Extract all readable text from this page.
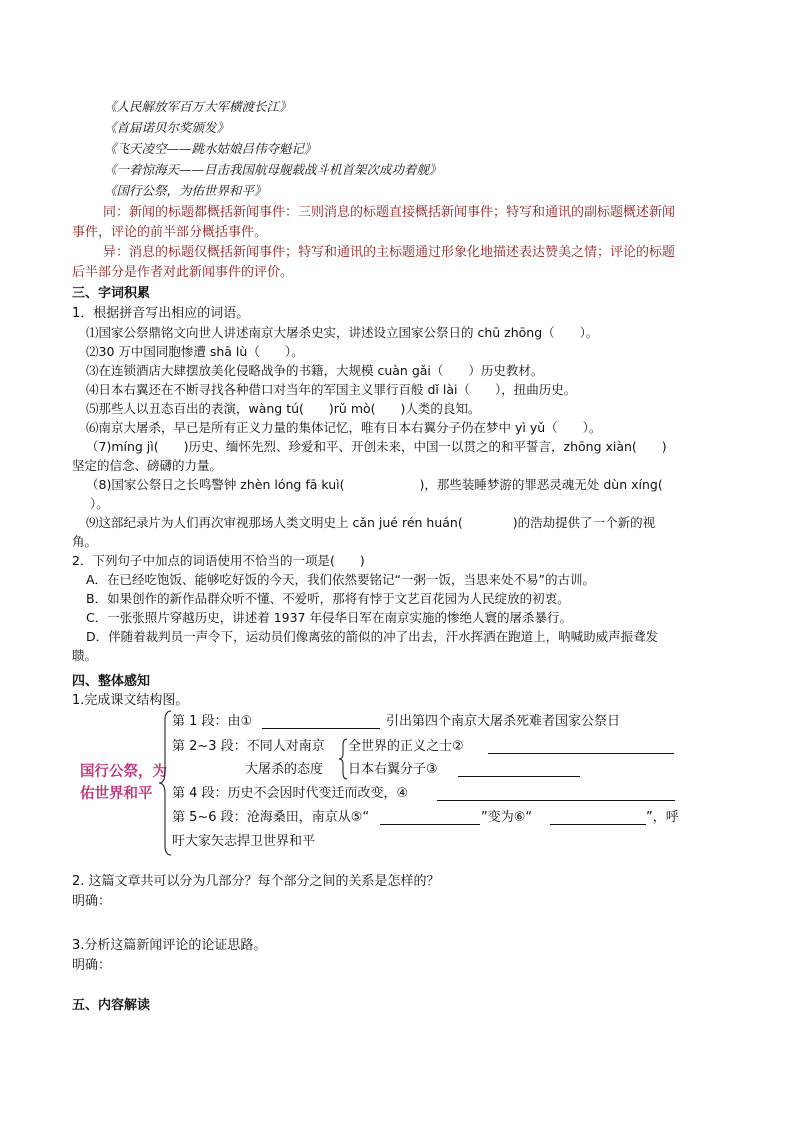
《人民解放军百万大军横渡长江》
《首届诺贝尔奖颁发》
《飞天凌空——跳水姑娘吕伟夺魁记》
《一着惊海天——目击我国航母舰载战斗机首架次成功着舰》
《国行公祭，为佑世界和平》
同：新闻的标题都概括新闻事件：三则消息的标题直接概括新闻事件；特写和通讯的副标题概述新闻
事件，评论的前半部分概括事件。
异：消息的标题仅概括新闻事件；特写和通讯的主标题通过形象化地描述表达赞美之情；评论的标题
后半部分是作者对此新闻事件的评价。
三、字词积累
1．根据拼音写出相应的词语。
⑴国家公祭鼎铭文向世人讲述南京大屠杀史实，讲述设立国家公祭日的 chū zhōng（　　）。
⑵30 万中国同胞惨遭 shā lù（　　）。
⑶在连锁酒店大肆摆放美化侵略战争的书籍，大规模 cuàn gǎi（　　）历史教材。
⑷日本右翼还在不断寻找各种借口对当年的军国主义罪行百般 dǐ lài（　　），扭曲历史。
⑸那些人以丑态百出的表演，wàng tú(　　)rǔ mò(　　)人类的良知。
⑹南京大屠杀，早已是所有正义力量的集体记忆，唯有日本右翼分子仍在梦中 yì yǔ（　　）。
（7)míng jì(　　)历史、缅怀先烈、珍爱和平、开创未来，中国一以贯之的和平誓言，zhōng xiàn(　　)
坚定的信念、磅礴的力量。
（8)国家公祭日之长鸣警钟 zhèn lóng fā kuì(　　　　　　)，那些装睡梦游的罪恶灵魂无处 dùn xíng(
）。
⑼这部纪录片为人们再次审视那场人类文明史上 cǎn jué rén huán(　　　　)的浩劫提供了一个新的视
角。
2．下列句子中加点的词语使用不恰当的一项是(　　)
A．在已经吃饱饭、能够吃好饭的今天，我们依然要铭记“一粥一饭，当思来处不易”的古训。
B．如果创作的新作品群众听不懂、不爱听，那将有悖于文艺百花园为人民绽放的初衷。
C．一张张照片穿越历史，讲述着 1937 年侵华日军在南京实施的惨绝人寰的屠杀暴行。
D．伴随着裁判员一声令下，运动员们像离弦的箭似的冲了出去，汗水挥洒在跑道上，呐喊助威声振聋发
聩。
四、整体感知
1.完成课文结构图。
国行公祭，为
佑世界和平
第 1 段：由①	引出第四个南京大屠杀死难者国家公祭日
第 2~3 段：不同人对南京
大屠杀的态度
全世界的正义之士②
日本右翼分子③
第 4 段：历史不会因时代变迁而改变，④
第 5~6 段：沧海桑田，南京从⑤“	”变为⑥“	”，呼
吁大家矢志捍卫世界和平
2. 这篇文章共可以分为几部分？每个部分之间的关系是怎样的？
明确：
3.分析这篇新闻评论的论证思路。
明确：
五、内容解读
